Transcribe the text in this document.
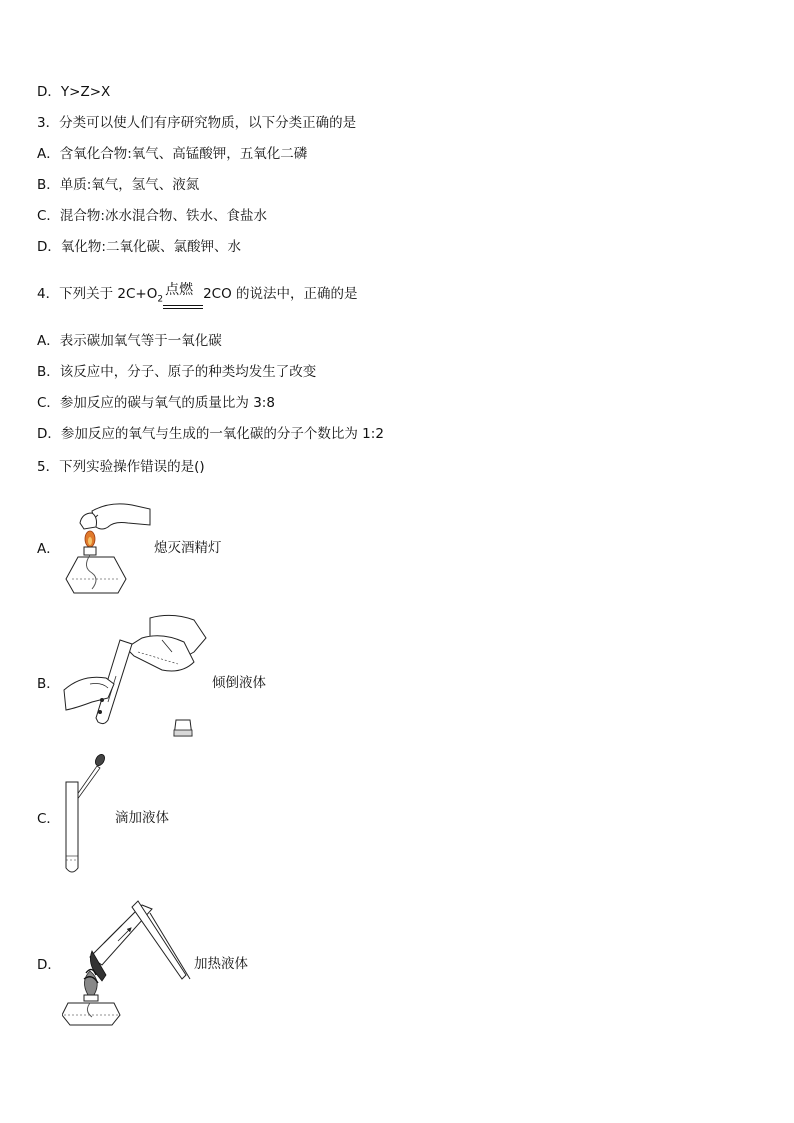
D．Y>Z>X
3．分类可以使人们有序研究物质，以下分类正确的是
A．含氧化合物:氧气、高锰酸钾，五氧化二磷
B．单质:氧气，氢气、液氮
C．混合物:冰水混合物、铁水、食盐水
D．氧化物:二氧化碳、氯酸钾、水
4．下列关于 $2C+O_2$
点燃 2CO 的说法中，正确的是
A．表示碳加氧气等于一氧化碳
B．该反应中，分子、原子的种类均发生了改变
C．参加反应的碳与氧气的质量比为 3:8
D．参加反应的氧气与生成的一氧化碳的分子个数比为 1:2
5．下列实验操作错误的是()
A．	熄灭酒精灯
B．	倾倒液体
C．	滴加液体
D．	加热液体
